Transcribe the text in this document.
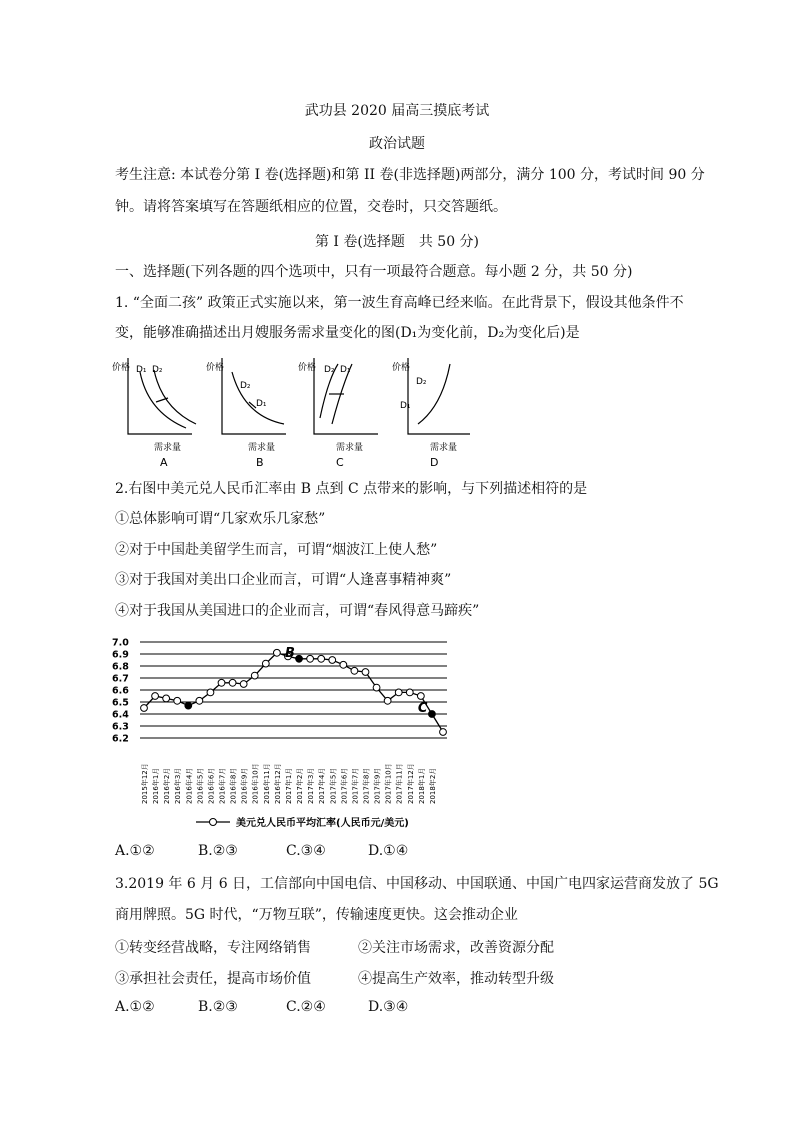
武功县 2020 届高三摸底考试
政治试题
考生注意: 本试卷分第 I 卷(选择题)和第 II 卷(非选择题)两部分，满分 100 分，考试时间 90 分
钟。请将答案填写在答题纸相应的位置，交卷时，只交答题纸。
第 I 卷(选择题　共 50 分)
一、选择题(下列各题的四个选项中，只有一项最符合题意。每小题 2 分，共 50 分)
1. “全面二孩” 政策正式实施以来，第一波生育高峰已经来临。在此背景下，假设其他条件不
变，能够准确描述出月嫂服务需求量变化的图(D₁为变化前，D₂为变化后)是
价格 D₁ D₂
需求量
A
价格
D₂
D₁
需求量
B
价格 D₂ D₁
需求量
C
价格
D₂
D₁
需求量
D
2.右图中美元兑人民币汇率由 B 点到 C 点带来的影响，与下列描述相符的是
①总体影响可谓“几家欢乐几家愁”
②对于中国赴美留学生而言，可谓“烟波江上使人愁”
③对于我国对美出口企业而言，可谓“人逢喜事精神爽”
④对于我国从美国进口的企业而言，可谓“春风得意马蹄疾”
7.0
6.9
6.8
6.7
6.6
6.5
6.4
6.3
6.2
B
C
2015年12月 2016年1月 2016年2月 2016年3月 2016年4月 2016年5月 2016年6月 2016年7月 2016年8月 2016年9月 2016年10月 2016年11月 2016年12月 2017年1月 2017年2月 2017年3月 2017年4月 2017年5月 2017年6月 2017年7月 2017年8月 2017年9月 2017年10月 2017年11月 2017年12月 2018年1月 2018年2月
美元兑人民币平均汇率(人民币元/美元)
A.①②	B.②③	C.③④	D.①④
3.2019 年 6 月 6 日，工信部向中国电信、中国移动、中国联通、中国广电四家运营商发放了 5G
商用牌照。5G 时代，“万物互联”，传输速度更快。这会推动企业
①转变经营战略，专注网络销售	②关注市场需求，改善资源分配
③承担社会责任，提高市场价值	④提高生产效率，推动转型升级
A.①②	B.②③	C.②④	D.③④
